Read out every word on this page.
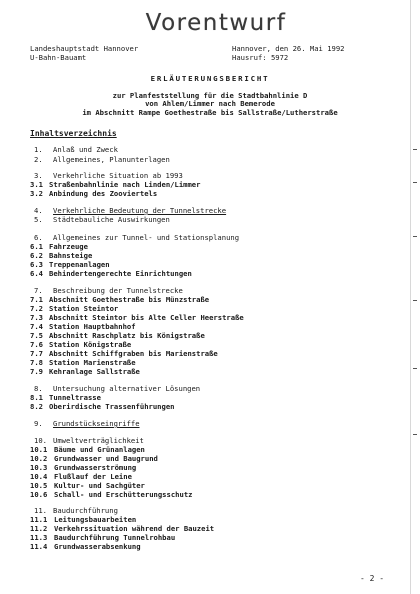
Vorentwurf
Landeshauptstadt Hannover
U-Bahn-Bauamt
Hannover, den 26. Mai 1992
Hausruf: 5972
ERLÄUTERUNGSBERICHT
zur Planfeststellung für die Stadtbahnlinie D
von Ahlem/Limmer nach Bemerode
im Abschnitt Rampe Goethestraße bis Sallstraße/Lutherstraße
Inhaltsverzeichnis
1. Anlaß und Zweck
2. Allgemeines, Planunterlagen
3. Verkehrliche Situation ab 1993
3.1 Straßenbahnlinie nach Linden/Limmer
3.2 Anbindung des Zooviertels
4. Verkehrliche Bedeutung der Tunnelstrecke
5. Städtebauliche Auswirkungen
6. Allgemeines zur Tunnel- und Stationsplanung
6.1 Fahrzeuge
6.2 Bahnsteige
6.3 Treppenanlagen
6.4 Behindertengerechte Einrichtungen
7. Beschreibung der Tunnelstrecke
7.1 Abschnitt Goethestraße bis Münzstraße
7.2 Station Steintor
7.3 Abschnitt Steintor bis Alte Celler Heerstraße
7.4 Station Hauptbahnhof
7.5 Abschnitt Raschplatz bis Königstraße
7.6 Station Königstraße
7.7 Abschnitt Schiffgraben bis Marienstraße
7.8 Station Marienstraße
7.9 Kehranlage Sallstraße
8. Untersuchung alternativer Lösungen
8.1 Tunneltrasse
8.2 Oberirdische Trassenführungen
9. Grundstückseingriffe
10. Umweltverträglichkeit
10.1 Bäume und Grünanlagen
10.2 Grundwasser und Baugrund
10.3 Grundwasserströmung
10.4 Flußlauf der Leine
10.5 Kultur- und Sachgüter
10.6 Schall- und Erschütterungsschutz
11. Baudurchführung
11.1 Leitungsbauarbeiten
11.2 Verkehrssituation während der Bauzeit
11.3 Baudurchführung Tunnelrohbau
11.4 Grundwasserabsenkung
- 2 -
